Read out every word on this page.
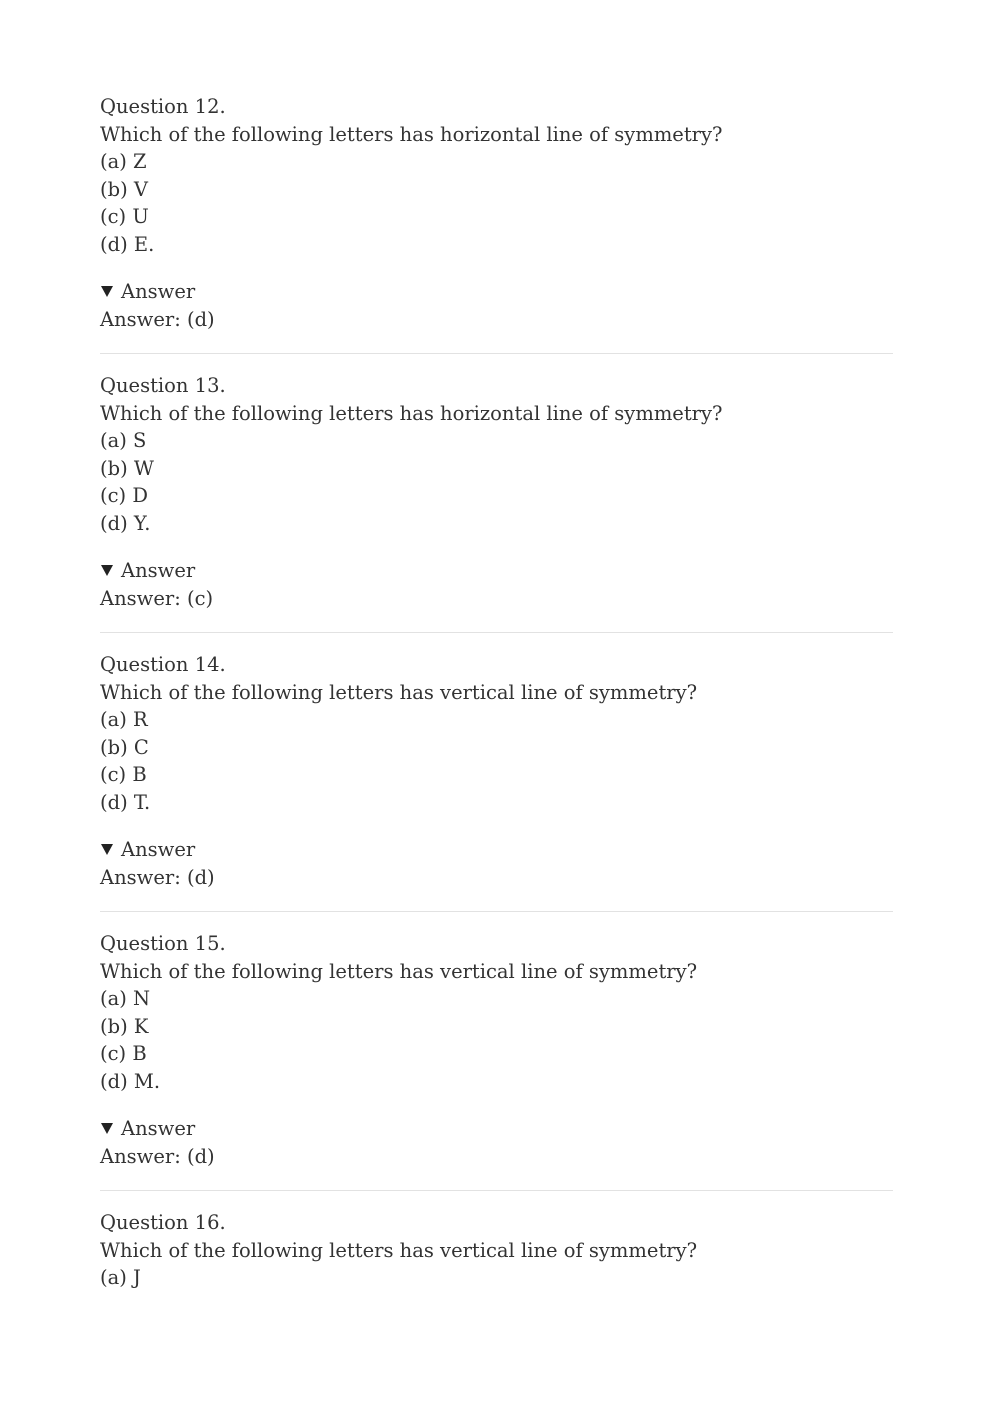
Question 12.
Which of the following letters has horizontal line of symmetry?
(a) Z
(b) V
(c) U
(d) E.
Answer
Answer: (d)
Question 13.
Which of the following letters has horizontal line of symmetry?
(a) S
(b) W
(c) D
(d) Y.
Answer
Answer: (c)
Question 14.
Which of the following letters has vertical line of symmetry?
(a) R
(b) C
(c) B
(d) T.
Answer
Answer: (d)
Question 15.
Which of the following letters has vertical line of symmetry?
(a) N
(b) K
(c) B
(d) M.
Answer
Answer: (d)
Question 16.
Which of the following letters has vertical line of symmetry?
(a) J
